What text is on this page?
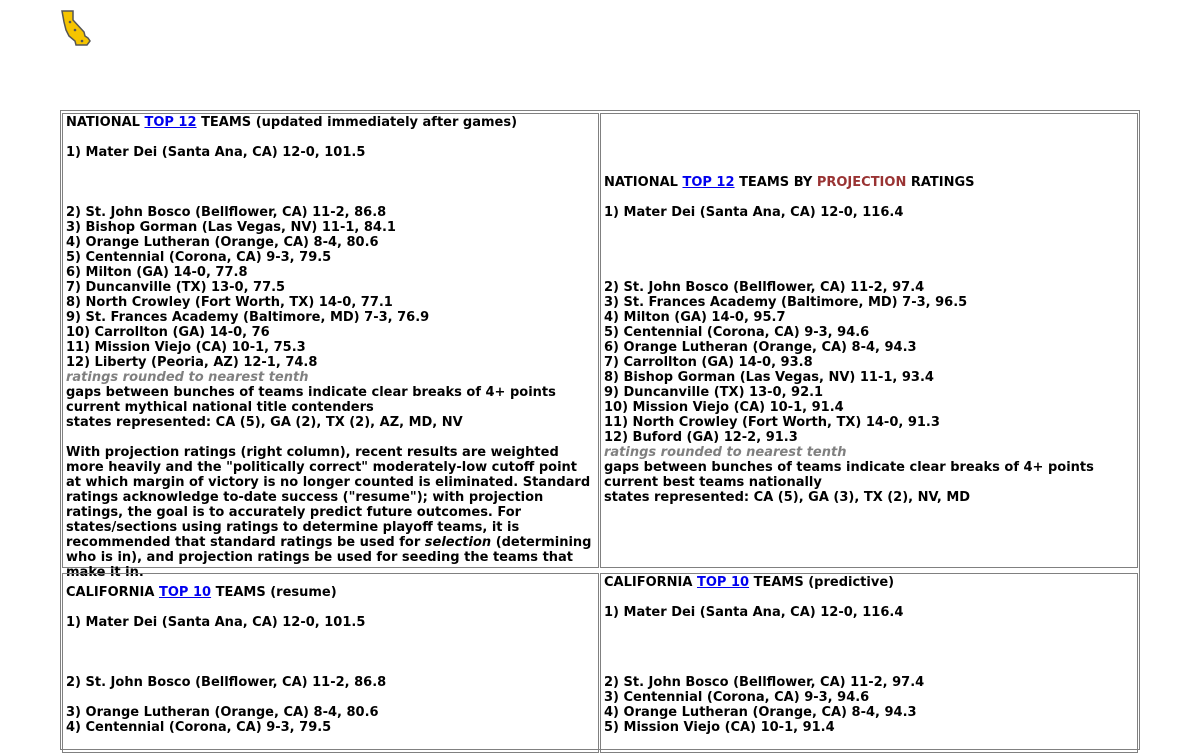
NATIONAL TOP 12 TEAMS (updated immediately after games)
1) Mater Dei (Santa Ana, CA) 12-0, 101.5
2) St. John Bosco (Bellflower, CA) 11-2, 86.8
3) Bishop Gorman (Las Vegas, NV) 11-1, 84.1
4) Orange Lutheran (Orange, CA) 8-4, 80.6
5) Centennial (Corona, CA) 9-3, 79.5
6) Milton (GA) 14-0, 77.8
7) Duncanville (TX) 13-0, 77.5
8) North Crowley (Fort Worth, TX) 14-0, 77.1
9) St. Frances Academy (Baltimore, MD) 7-3, 76.9
10) Carrollton (GA) 14-0, 76
11) Mission Viejo (CA) 10-1, 75.3
12) Liberty (Peoria, AZ) 12-1, 74.8
ratings rounded to nearest tenth
gaps between bunches of teams indicate clear breaks of 4+ points
current mythical national title contenders
states represented: CA (5), GA (2), TX (2), AZ, MD, NV
With projection ratings (right column), recent results are weighted more heavily and the "politically correct" moderately-low cutoff point at which margin of victory is no longer counted is eliminated. Standard ratings acknowledge to-date success ("resume"); with projection ratings, the goal is to accurately predict future outcomes. For states/sections using ratings to determine playoff teams, it is recommended that standard ratings be used for selection (determining who is in), and projection ratings be used for seeding the teams that make it in.
NATIONAL TOP 12 TEAMS BY PROJECTION RATINGS
1) Mater Dei (Santa Ana, CA) 12-0, 116.4
2) St. John Bosco (Bellflower, CA) 11-2, 97.4
3) St. Frances Academy (Baltimore, MD) 7-3, 96.5
4) Milton (GA) 14-0, 95.7
5) Centennial (Corona, CA) 9-3, 94.6
6) Orange Lutheran (Orange, CA) 8-4, 94.3
7) Carrollton (GA) 14-0, 93.8
8) Bishop Gorman (Las Vegas, NV) 11-1, 93.4
9) Duncanville (TX) 13-0, 92.1
10) Mission Viejo (CA) 10-1, 91.4
11) North Crowley (Fort Worth, TX) 14-0, 91.3
12) Buford (GA) 12-2, 91.3
ratings rounded to nearest tenth
gaps between bunches of teams indicate clear breaks of 4+ points
current best teams nationally
states represented: CA (5), GA (3), TX (2), NV, MD
CALIFORNIA TOP 10 TEAMS (resume)
1) Mater Dei (Santa Ana, CA) 12-0, 101.5
2) St. John Bosco (Bellflower, CA) 11-2, 86.8
3) Orange Lutheran (Orange, CA) 8-4, 80.6
4) Centennial (Corona, CA) 9-3, 79.5
CALIFORNIA TOP 10 TEAMS (predictive)
1) Mater Dei (Santa Ana, CA) 12-0, 116.4
2) St. John Bosco (Bellflower, CA) 11-2, 97.4
3) Centennial (Corona, CA) 9-3, 94.6
4) Orange Lutheran (Orange, CA) 8-4, 94.3
5) Mission Viejo (CA) 10-1, 91.4
